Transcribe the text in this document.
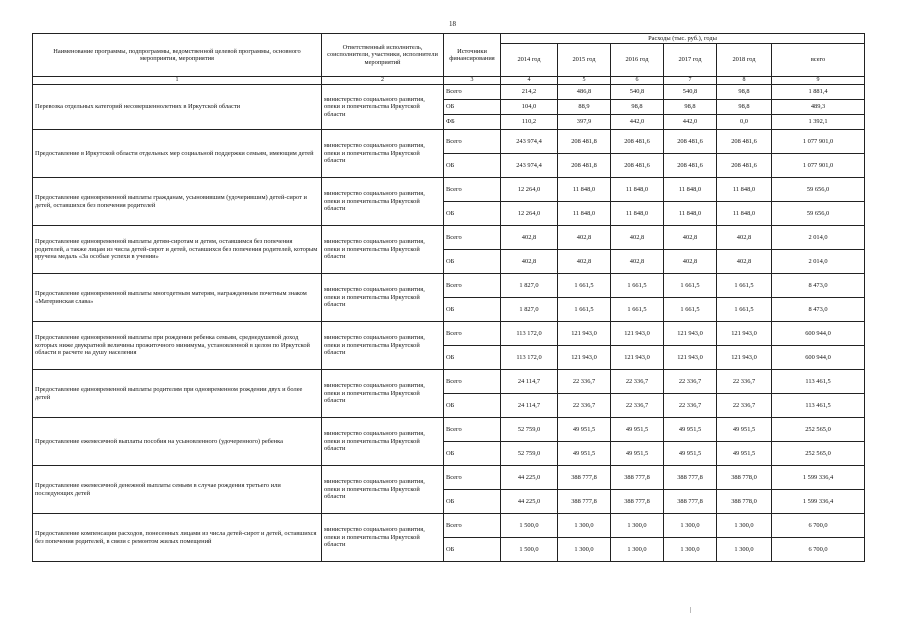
18
Наименование программы, подпрограммы, ведомственной целевой программы, основного мероприятия, мероприятия	Ответственный исполнитель, соисполнители, участники, исполнители мероприятий	Источники финансирования	Расходы (тыс. руб.), годы					
			2014 год	2015 год	2016 год	2017 год	2018 год	всего
1	2	3	4	5	6	7	8	9
Перевозка отдельных категорий несовершеннолетних в Иркутской области	министерство социального развития, опеки и попечительства Иркутской области	Всего	214,2	486,8	540,8	540,8	98,8	1 881,4
		ОБ	104,0	88,9	98,8	98,8	98,8	489,3
		ФБ	110,2	397,9	442,0	442,0	0,0	1 392,1
Предоставление в Иркутской области отдельных мер социальной поддержки семьям, имеющим детей	министерство социального развития, опеки и попечительства Иркутской области	Всего	243 974,4	208 481,8	208 481,6	208 481,6	208 481,6	1 077 901,0
		ОБ	243 974,4	208 481,8	208 481,6	208 481,6	208 481,6	1 077 901,0
Предоставление единовременной выплаты гражданам, усыновившим (удочерившим) детей-сирот и детей, оставшихся без попечения родителей	министерство социального развития, опеки и попечительства Иркутской области	Всего	12 264,0	11 848,0	11 848,0	11 848,0	11 848,0	59 656,0
		ОБ	12 264,0	11 848,0	11 848,0	11 848,0	11 848,0	59 656,0
Предоставление единовременной выплаты детям-сиротам и детям, оставшимся без попечения родителей, а также лицам из числа детей-сирот и детей, оставшихся без попечения родителей, которым вручена медаль «За особые успехи в учении»	министерство социального развития, опеки и попечительства Иркутской области	Всего	402,8	402,8	402,8	402,8	402,8	2 014,0
		ОБ	402,8	402,8	402,8	402,8	402,8	2 014,0
Предоставление единовременной выплаты многодетным матерям, награжденным почетным знаком «Материнская слава»	министерство социального развития, опеки и попечительства Иркутской области	Всего	1 827,0	1 661,5	1 661,5	1 661,5	1 661,5	8 473,0
		ОБ	1 827,0	1 661,5	1 661,5	1 661,5	1 661,5	8 473,0
Предоставление единовременной выплаты при рождении ребенка семьям, среднедушевой доход которых ниже двукратной величины прожиточного минимума, установленной в целом по Иркутской области в расчете на душу населения	министерство социального развития, опеки и попечительства Иркутской области	Всего	113 172,0	121 943,0	121 943,0	121 943,0	121 943,0	600 944,0
		ОБ	113 172,0	121 943,0	121 943,0	121 943,0	121 943,0	600 944,0
Предоставление единовременной выплаты родителям при одновременном рождении двух и более детей	министерство социального развития, опеки и попечительства Иркутской области	Всего	24 114,7	22 336,7	22 336,7	22 336,7	22 336,7	113 461,5
		ОБ	24 114,7	22 336,7	22 336,7	22 336,7	22 336,7	113 461,5
Предоставление ежемесячной выплаты пособия на усыновленного (удочеренного) ребенка	министерство социального развития, опеки и попечительства Иркутской области	Всего	52 759,0	49 951,5	49 951,5	49 951,5	49 951,5	252 565,0
		ОБ	52 759,0	49 951,5	49 951,5	49 951,5	49 951,5	252 565,0
Предоставление ежемесячной денежной выплаты семьям в случае рождения третьего или последующих детей	министерство социального развития, опеки и попечительства Иркутской области	Всего	44 225,0	388 777,8	388 777,8	388 777,8	388 778,0	1 599 336,4
		ОБ	44 225,0	388 777,8	388 777,8	388 777,8	388 778,0	1 599 336,4
Предоставление компенсации расходов, понесенных лицами из числа детей-сирот и детей, оставшихся без попечения родителей, в связи с ремонтом жилых помещений	министерство социального развития, опеки и попечительства Иркутской области	Всего	1 500,0	1 300,0	1 300,0	1 300,0	1 300,0	6 700,0
		ОБ	1 500,0	1 300,0	1 300,0	1 300,0	1 300,0	6 700,0
